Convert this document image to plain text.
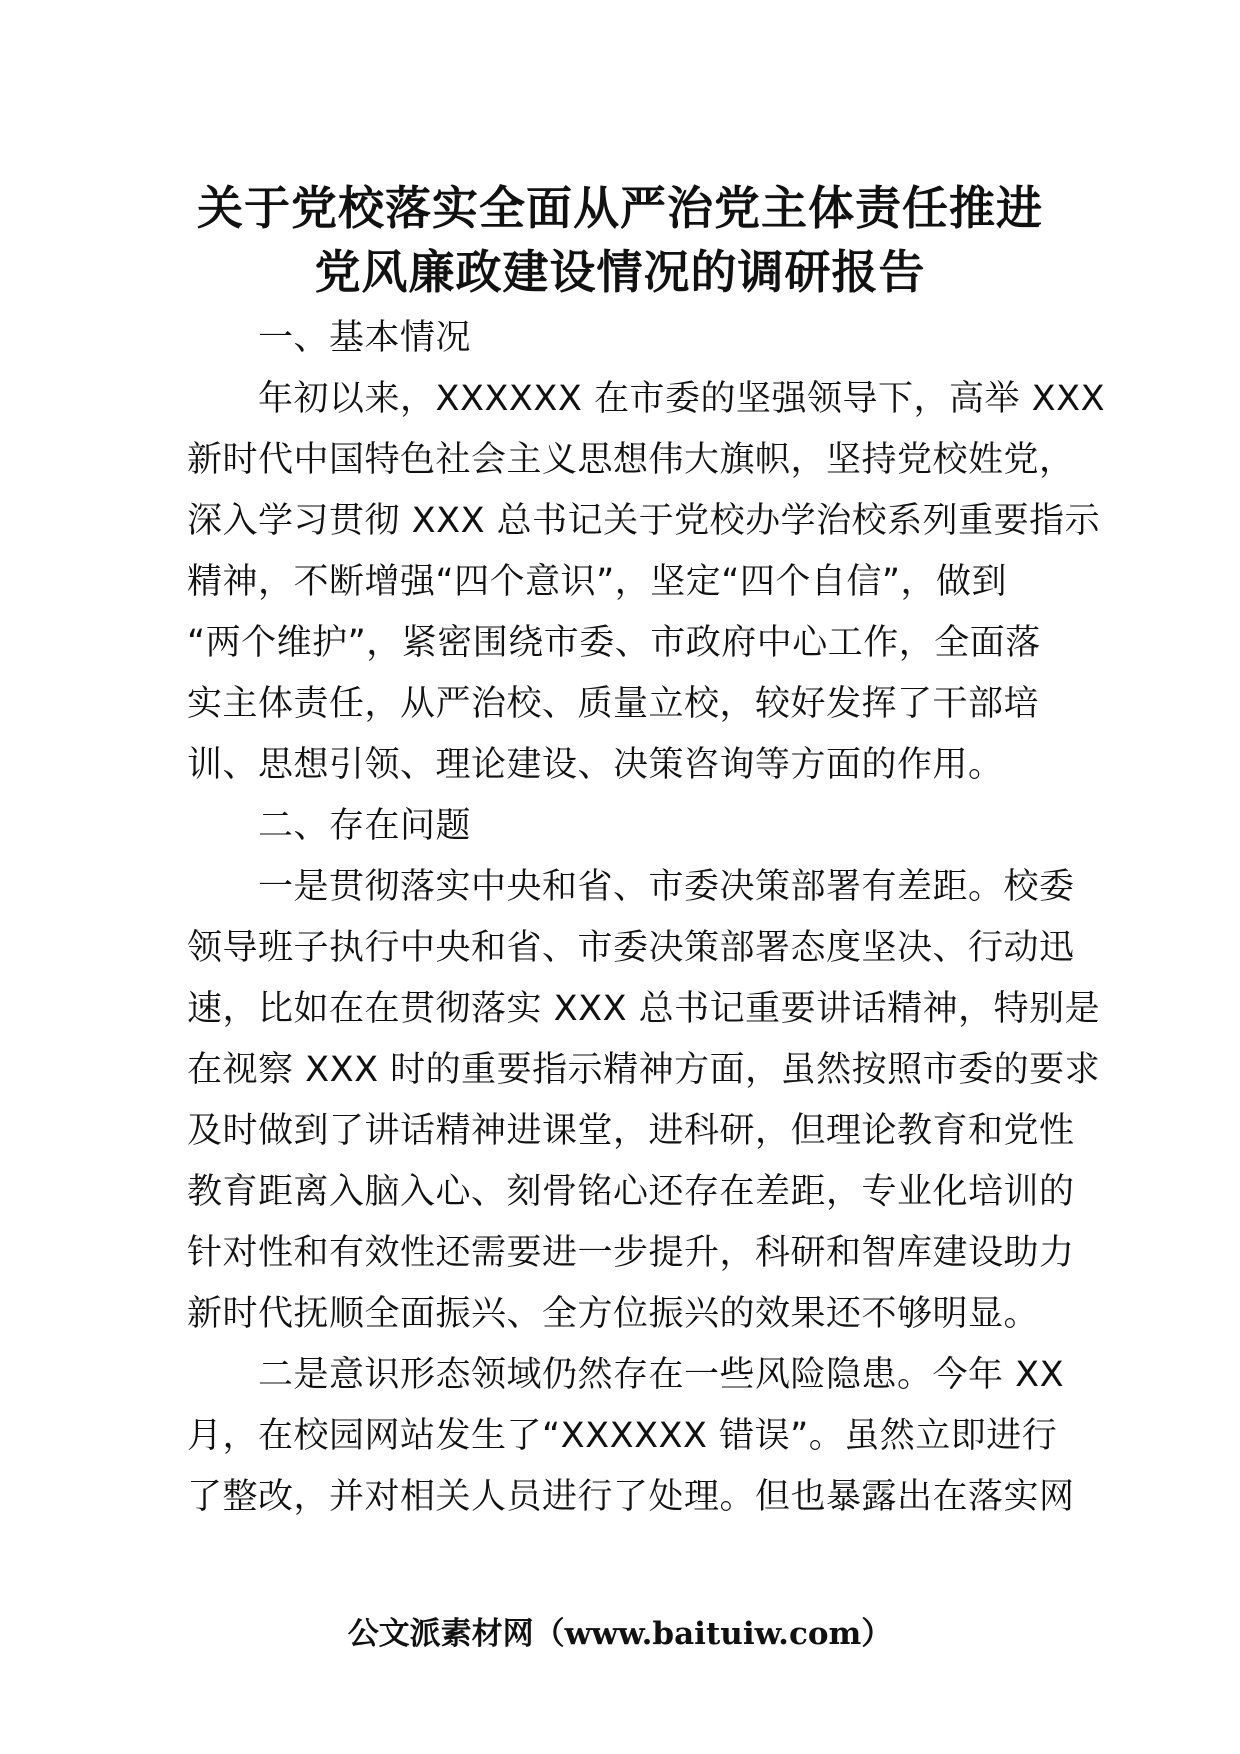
关于党校落实全面从严治党主体责任推进
党风廉政建设情况的调研报告
　　一、基本情况
　　年初以来，XXXXXX 在市委的坚强领导下，高举 XXX
新时代中国特色社会主义思想伟大旗帜，坚持党校姓党，
深入学习贯彻 XXX 总书记关于党校办学治校系列重要指示
精神，不断增强“四个意识”，坚定“四个自信”，做到
“两个维护”，紧密围绕市委、市政府中心工作，全面落
实主体责任，从严治校、质量立校，较好发挥了干部培
训、思想引领、理论建设、决策咨询等方面的作用。
　　二、存在问题
　　一是贯彻落实中央和省、市委决策部署有差距。校委
领导班子执行中央和省、市委决策部署态度坚决、行动迅
速，比如在在贯彻落实 XXX 总书记重要讲话精神，特别是
在视察 XXX 时的重要指示精神方面，虽然按照市委的要求
及时做到了讲话精神进课堂，进科研，但理论教育和党性
教育距离入脑入心、刻骨铭心还存在差距，专业化培训的
针对性和有效性还需要进一步提升，科研和智库建设助力
新时代抚顺全面振兴、全方位振兴的效果还不够明显。
　　二是意识形态领域仍然存在一些风险隐患。今年 XX
月，在校园网站发生了“XXXXXX 错误”。虽然立即进行
了整改，并对相关人员进行了处理。但也暴露出在落实网
公文派素材网（www.baituiw.com）
